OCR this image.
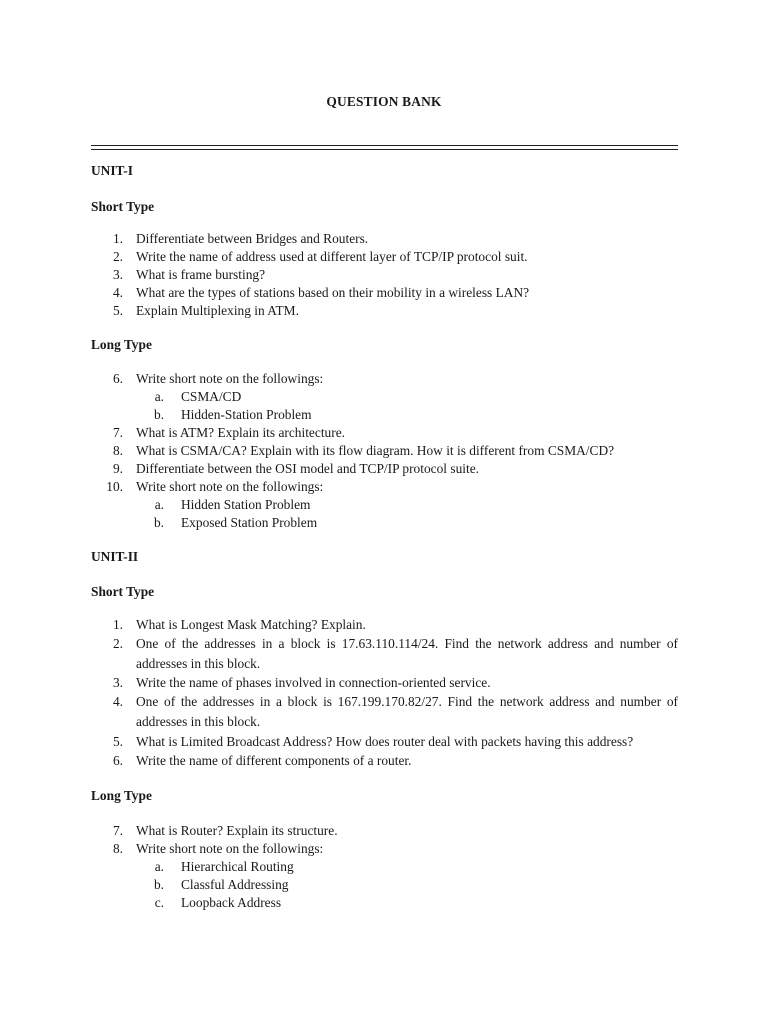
QUESTION BANK
UNIT-I
Short Type
1. Differentiate between Bridges and Routers.
2. Write the name of address used at different layer of TCP/IP protocol suit.
3. What is frame bursting?
4. What are the types of stations based on their mobility in a wireless LAN?
5. Explain Multiplexing in ATM.
Long Type
6. Write short note on the followings:
a. CSMA/CD
b. Hidden-Station Problem
7. What is ATM? Explain its architecture.
8. What is CSMA/CA? Explain with its flow diagram. How it is different from CSMA/CD?
9. Differentiate between the OSI model and TCP/IP protocol suite.
10. Write short note on the followings:
a. Hidden Station Problem
b. Exposed Station Problem
UNIT-II
Short Type
1. What is Longest Mask Matching? Explain.
2. One of the addresses in a block is 17.63.110.114/24. Find the network address and number of addresses in this block.
3. Write the name of phases involved in connection-oriented service.
4. One of the addresses in a block is 167.199.170.82/27. Find the network address and number of addresses in this block.
5. What is Limited Broadcast Address? How does router deal with packets having this address?
6. Write the name of different components of a router.
Long Type
7. What is Router? Explain its structure.
8. Write short note on the followings:
a. Hierarchical Routing
b. Classful Addressing
c. Loopback Address
